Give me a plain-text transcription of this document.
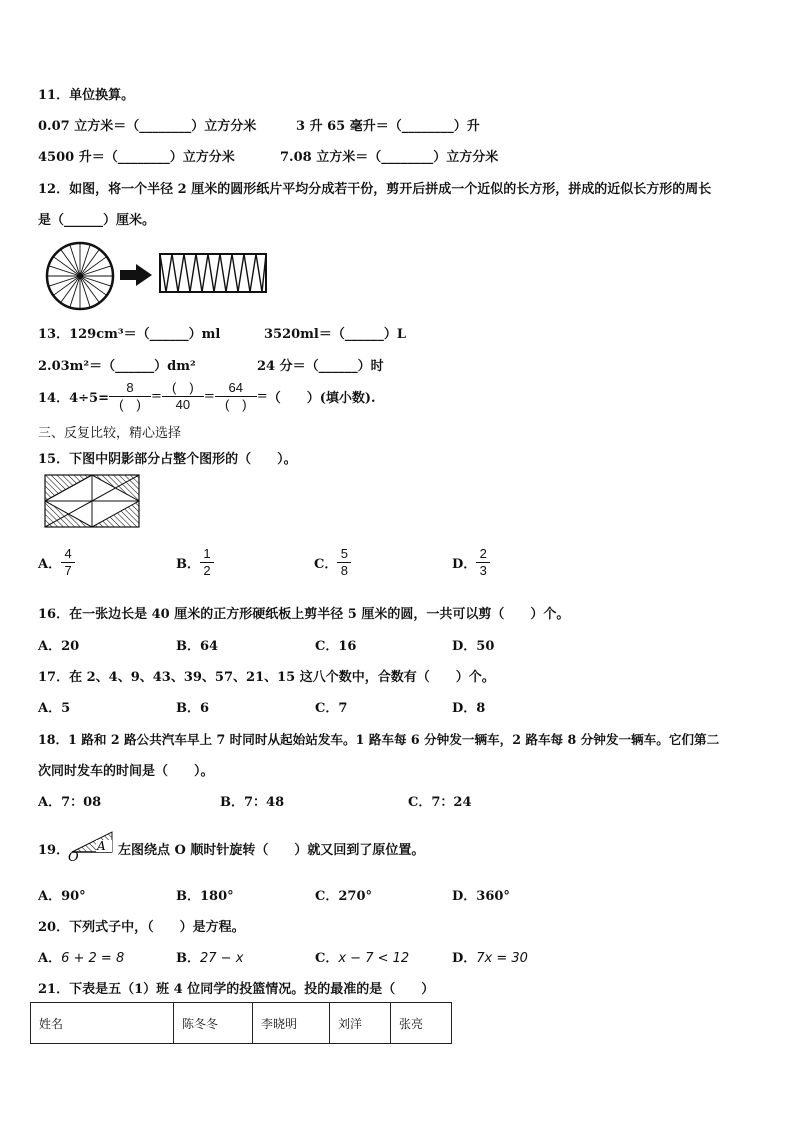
11．单位换算。
0.07 立方米＝（________）立方分米	3 升 65 毫升＝（________）升
4500 升＝（________）立方分米	7.08 立方米＝（________）立方分米
12．如图，将一个半径 2 厘米的圆形纸片平均分成若干份，剪开后拼成一个近似的长方形，拼成的近似长方形的周长
是（______）厘米。
13．129cm³＝（______）ml	3520ml＝（______）L
2.03m²＝（______）dm²	24 分＝（______）时
14．$4\div 5= \frac{8}{( )} = \frac{( )}{40} = \frac{64}{( )}$ = （　　）(填小数).
三、反复比较，精心选择
15．下图中阴影部分占整个图形的（　　）。
A． $\frac{4}{7}$	B． $\frac{1}{2}$	C． $\frac{5}{8}$	D． $\frac{2}{3}$
16．在一张边长是 40 厘米的正方形硬纸板上剪半径 5 厘米的圆，一共可以剪（　　）个。
A．20	B．64	C．16	D．50
17．在 2、4、9、43、39、57、21、15 这八个数中，合数有（　　）个。
A．5	B．6	C．7	D．8
18．1 路和 2 路公共汽车早上 7 时同时从起始站发车。1 路车每 6 分钟发一辆车，2 路车每 8 分钟发一辆车。它们第二
次同时发车的时间是（　　）。
A．7：08	B．7：48	C．7：24
19． A
O	左图绕点 O 顺时针旋转（　　）就又回到了原位置。
A．90°	B．180°	C．270°	D．360°
20．下列式子中，（　　）是方程。
A．6 + 2 = 8	B．27 − x	C．x − 7 < 12	D．7x = 30
21．下表是五（1）班 4 位同学的投篮情况。投的最准的是（　　）
姓名	陈冬冬	李晓明	刘洋	张亮
